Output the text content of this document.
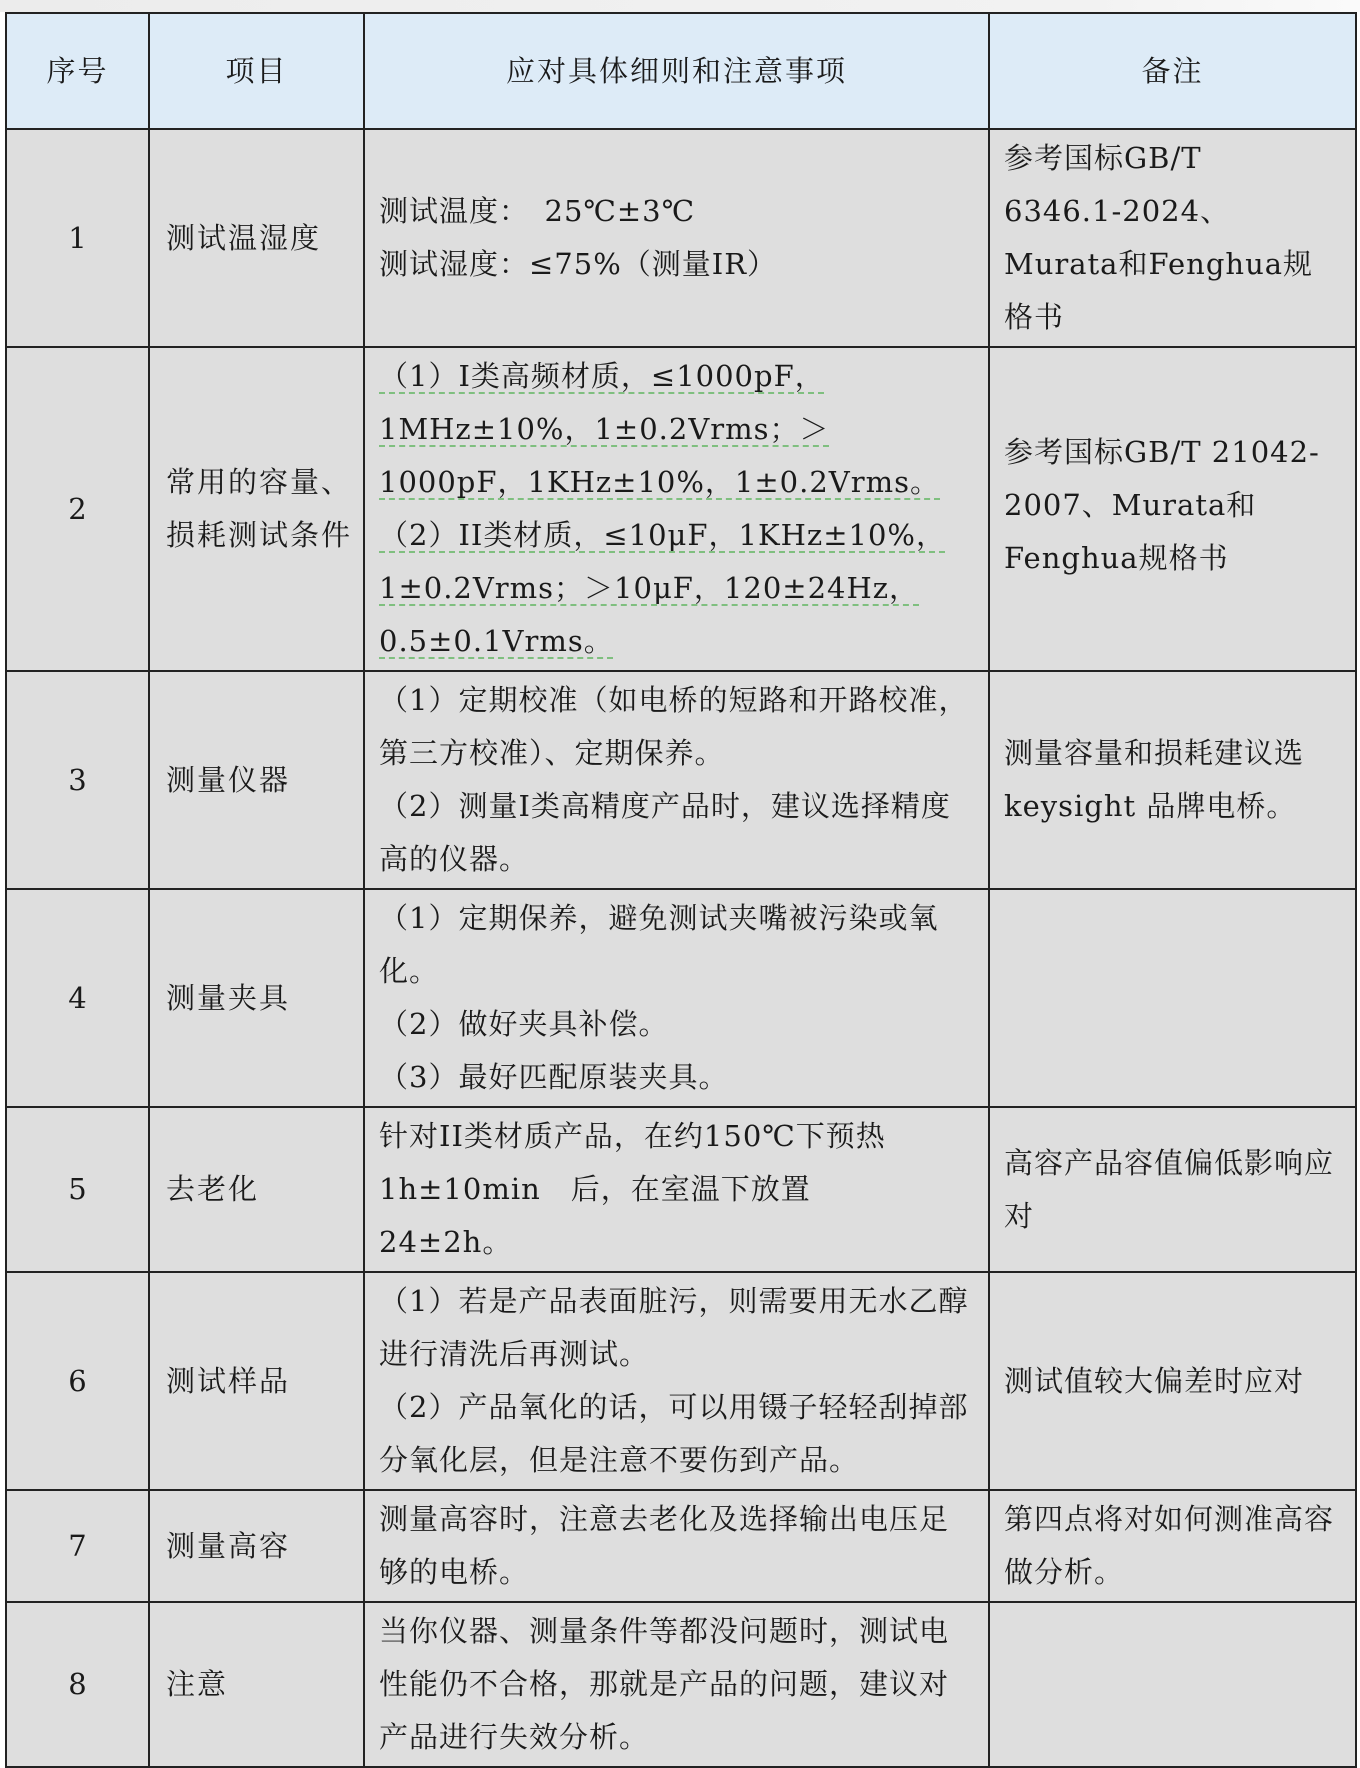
序号	项目	应对具体细则和注意事项	备注
1	测试温湿度	测试温度：　25℃±3℃
测试湿度：≤75%（测量IR）	参考国标GB/T　6346.1-2024、Murata和Fenghua规格书
2	常用的容量、损耗测试条件	（1）I类高频材质，≤1000pF，1MHz±10%，1±0.2Vrms；＞1000pF，1KHz±10%，1±0.2Vrms。
（2）II类材质，≤10μF，1KHz±10%，1±0.2Vrms；＞10μF，120±24Hz，0.5±0.1Vrms。	参考国标GB/T 21042-2007、Murata和Fenghua规格书

3	测量仪器	（1）定期校准（如电桥的短路和开路校准，第三方校准）、定期保养。
（2）测量I类高精度产品时，建议选择精度高的仪器。	测量容量和损耗建议选 keysight 品牌电桥。
4	测量夹具	（1）定期保养，避免测试夹嘴被污染或氧化。
（2）做好夹具补偿。
（3）最好匹配原装夹具。	

5	去老化	针对II类材质产品，在约150℃下预热1h±10min　后，在室温下放置　24±2h。	高容产品容值偏低影响应对
6	测试样品	（1）若是产品表面脏污，则需要用无水乙醇进行清洗后再测试。
（2）产品氧化的话，可以用镊子轻轻刮掉部分氧化层，但是注意不要伤到产品。	测试值较大偏差时应对
7	测量高容	测量高容时，注意去老化及选择输出电压足够的电桥。	第四点将对如何测准高容做分析。
8	注意	当你仪器、测量条件等都没问题时，测试电性能仍不合格，那就是产品的问题，建议对产品进行失效分析。	
